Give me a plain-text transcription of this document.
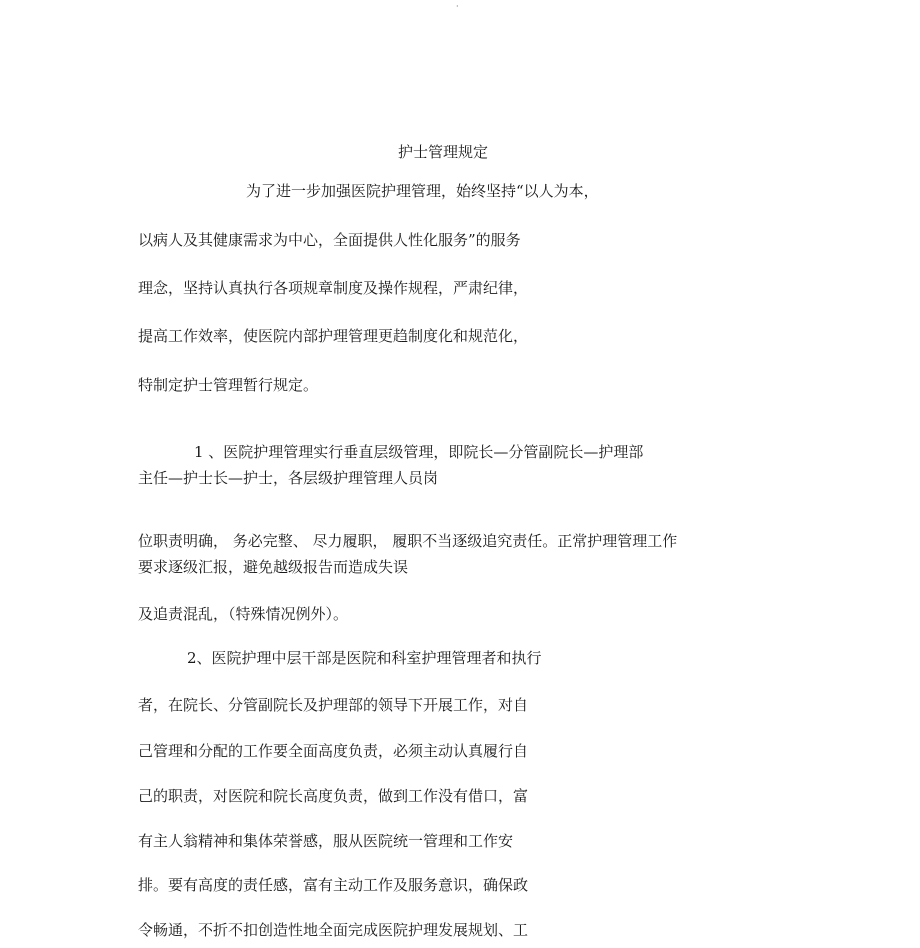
·
护士管理规定
为了进一步加强医院护理管理，始终坚持“以人为本，
以病人及其健康需求为中心，全面提供人性化服务”的服务
理念，坚持认真执行各项规章制度及操作规程，严肃纪律，
提高工作效率，使医院内部护理管理更趋制度化和规范化，
特制定护士管理暂行规定。
1 、医院护理管理实行垂直层级管理，即院长—分管副院长—护理部
主任—护士长—护士，各层级护理管理人员岗
位职责明确， 务必完整、 尽力履职， 履职不当逐级追究责任。正常护理管理工作
要求逐级汇报，避免越级报告而造成失误
及追责混乱，（特殊情况例外）。
2、医院护理中层干部是医院和科室护理管理者和执行
者，在院长、分管副院长及护理部的领导下开展工作，对自
己管理和分配的工作要全面高度负责，必须主动认真履行自
己的职责，对医院和院长高度负责，做到工作没有借口，富
有主人翁精神和集体荣誉感，服从医院统一管理和工作安
排。要有高度的责任感，富有主动工作及服务意识，确保政
令畅通，不折不扣创造性地全面完成医院护理发展规划、工
